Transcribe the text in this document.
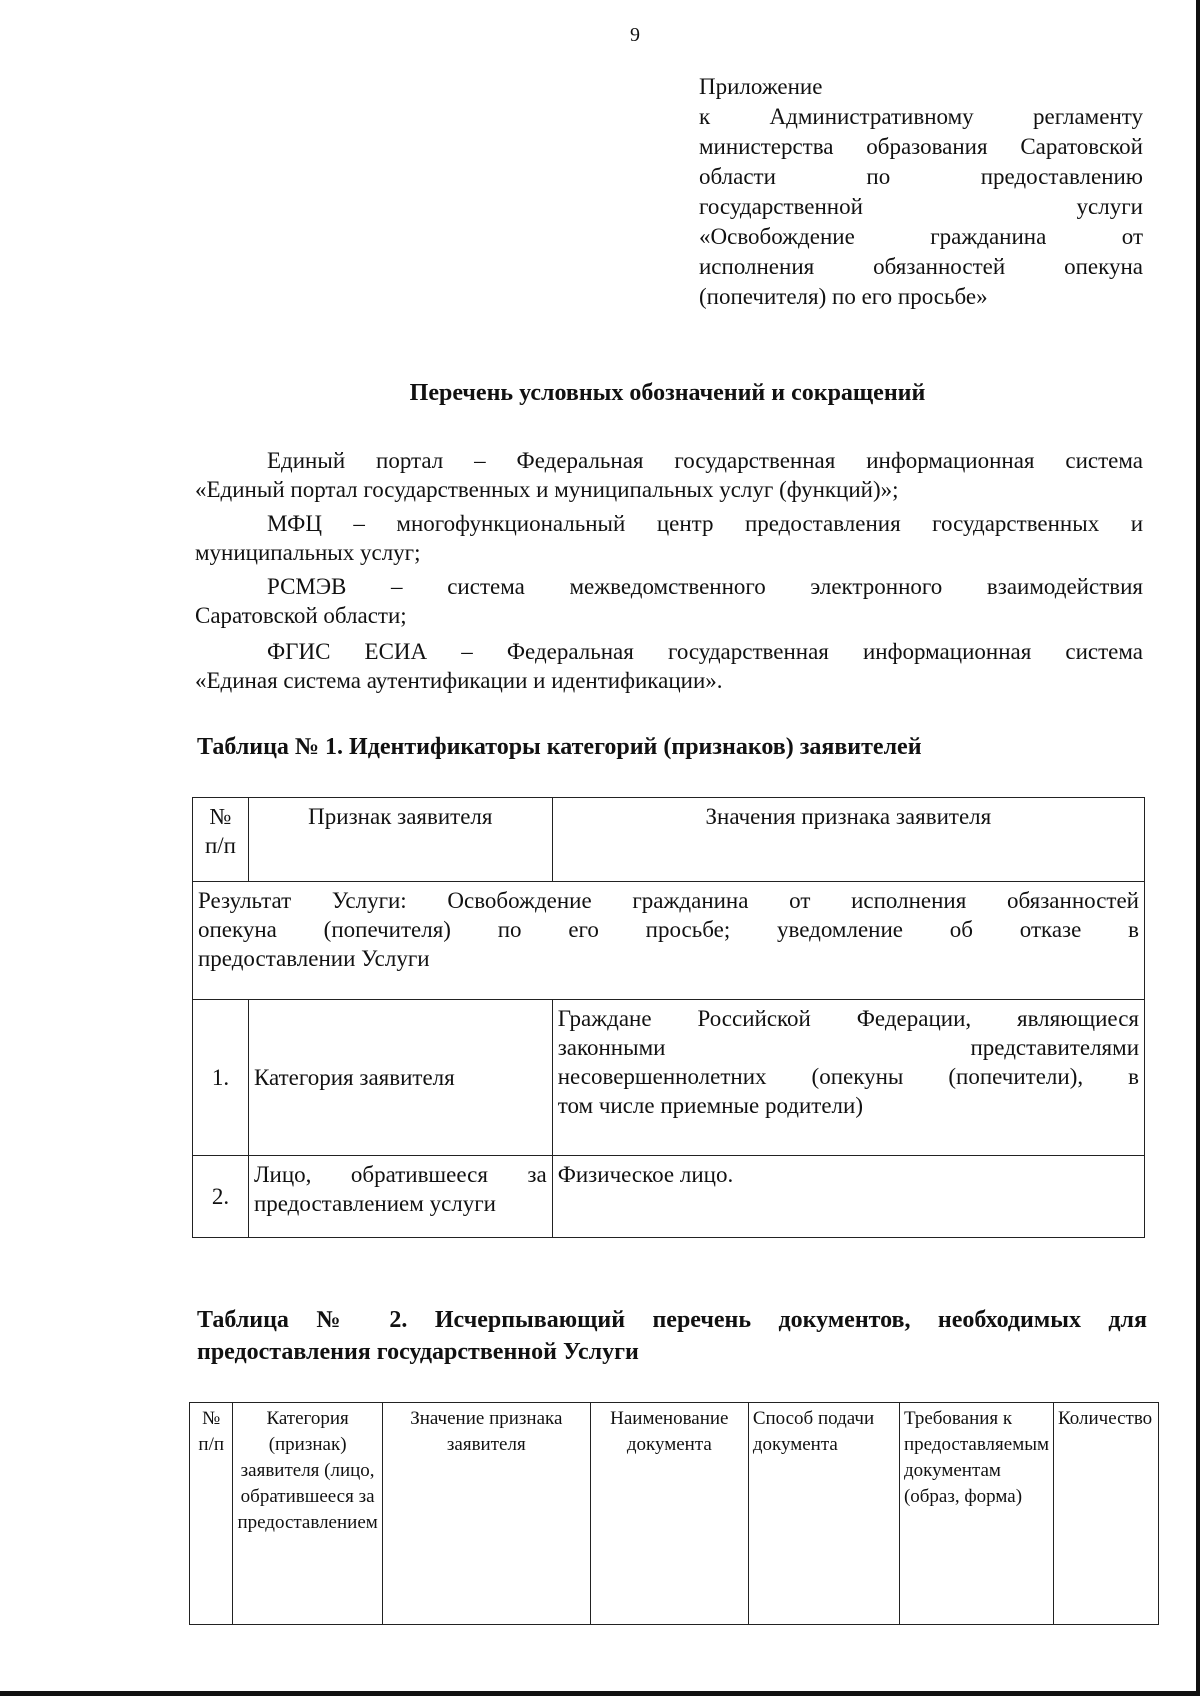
9
Приложение
к Административному регламенту
министерства образования Саратовской
области по предоставлению
государственной услуги
«Освобождение гражданина от
исполнения обязанностей опекуна
(попечителя) по его просьбе»
Перечень условных обозначений и сокращений
Единый портал – Федеральная государственная информационная система
«Единый портал государственных и муниципальных услуг (функций)»;
МФЦ – многофункциональный центр предоставления государственных и
муниципальных услуг;
РСМЭВ – система межведомственного электронного взаимодействия
Саратовской области;
ФГИС ЕСИА – Федеральная государственная информационная система
«Единая система аутентификации и идентификации».
Таблица № 1. Идентификаторы категорий (признаков) заявителей
№ п/п	Признак заявителя	Значения признака заявителя

Результат Услуги: Освобождение гражданина от исполнения обязанностей
опекуна (попечителя) по его просьбе; уведомление об отказе в
предоставлении Услуги		

1.	Категория заявителя	Граждане Российской Федерации, являющиеся
законными представителями
несовершеннолетних (опекуны (попечители), в
том числе приемные родители)

2.	Лицо, обратившееся за
предоставлением услуги	Физическое лицо.
Таблица № 2. Исчерпывающий перечень документов, необходимых для
предоставления государственной Услуги
№ п/п	Категория (признак) заявителя (лицо, обратившееся за предоставлением	Значение признака заявителя	Наименование документа	Способ подачи документа	Требования к предоставляемым документам (образ, форма)	Количество
